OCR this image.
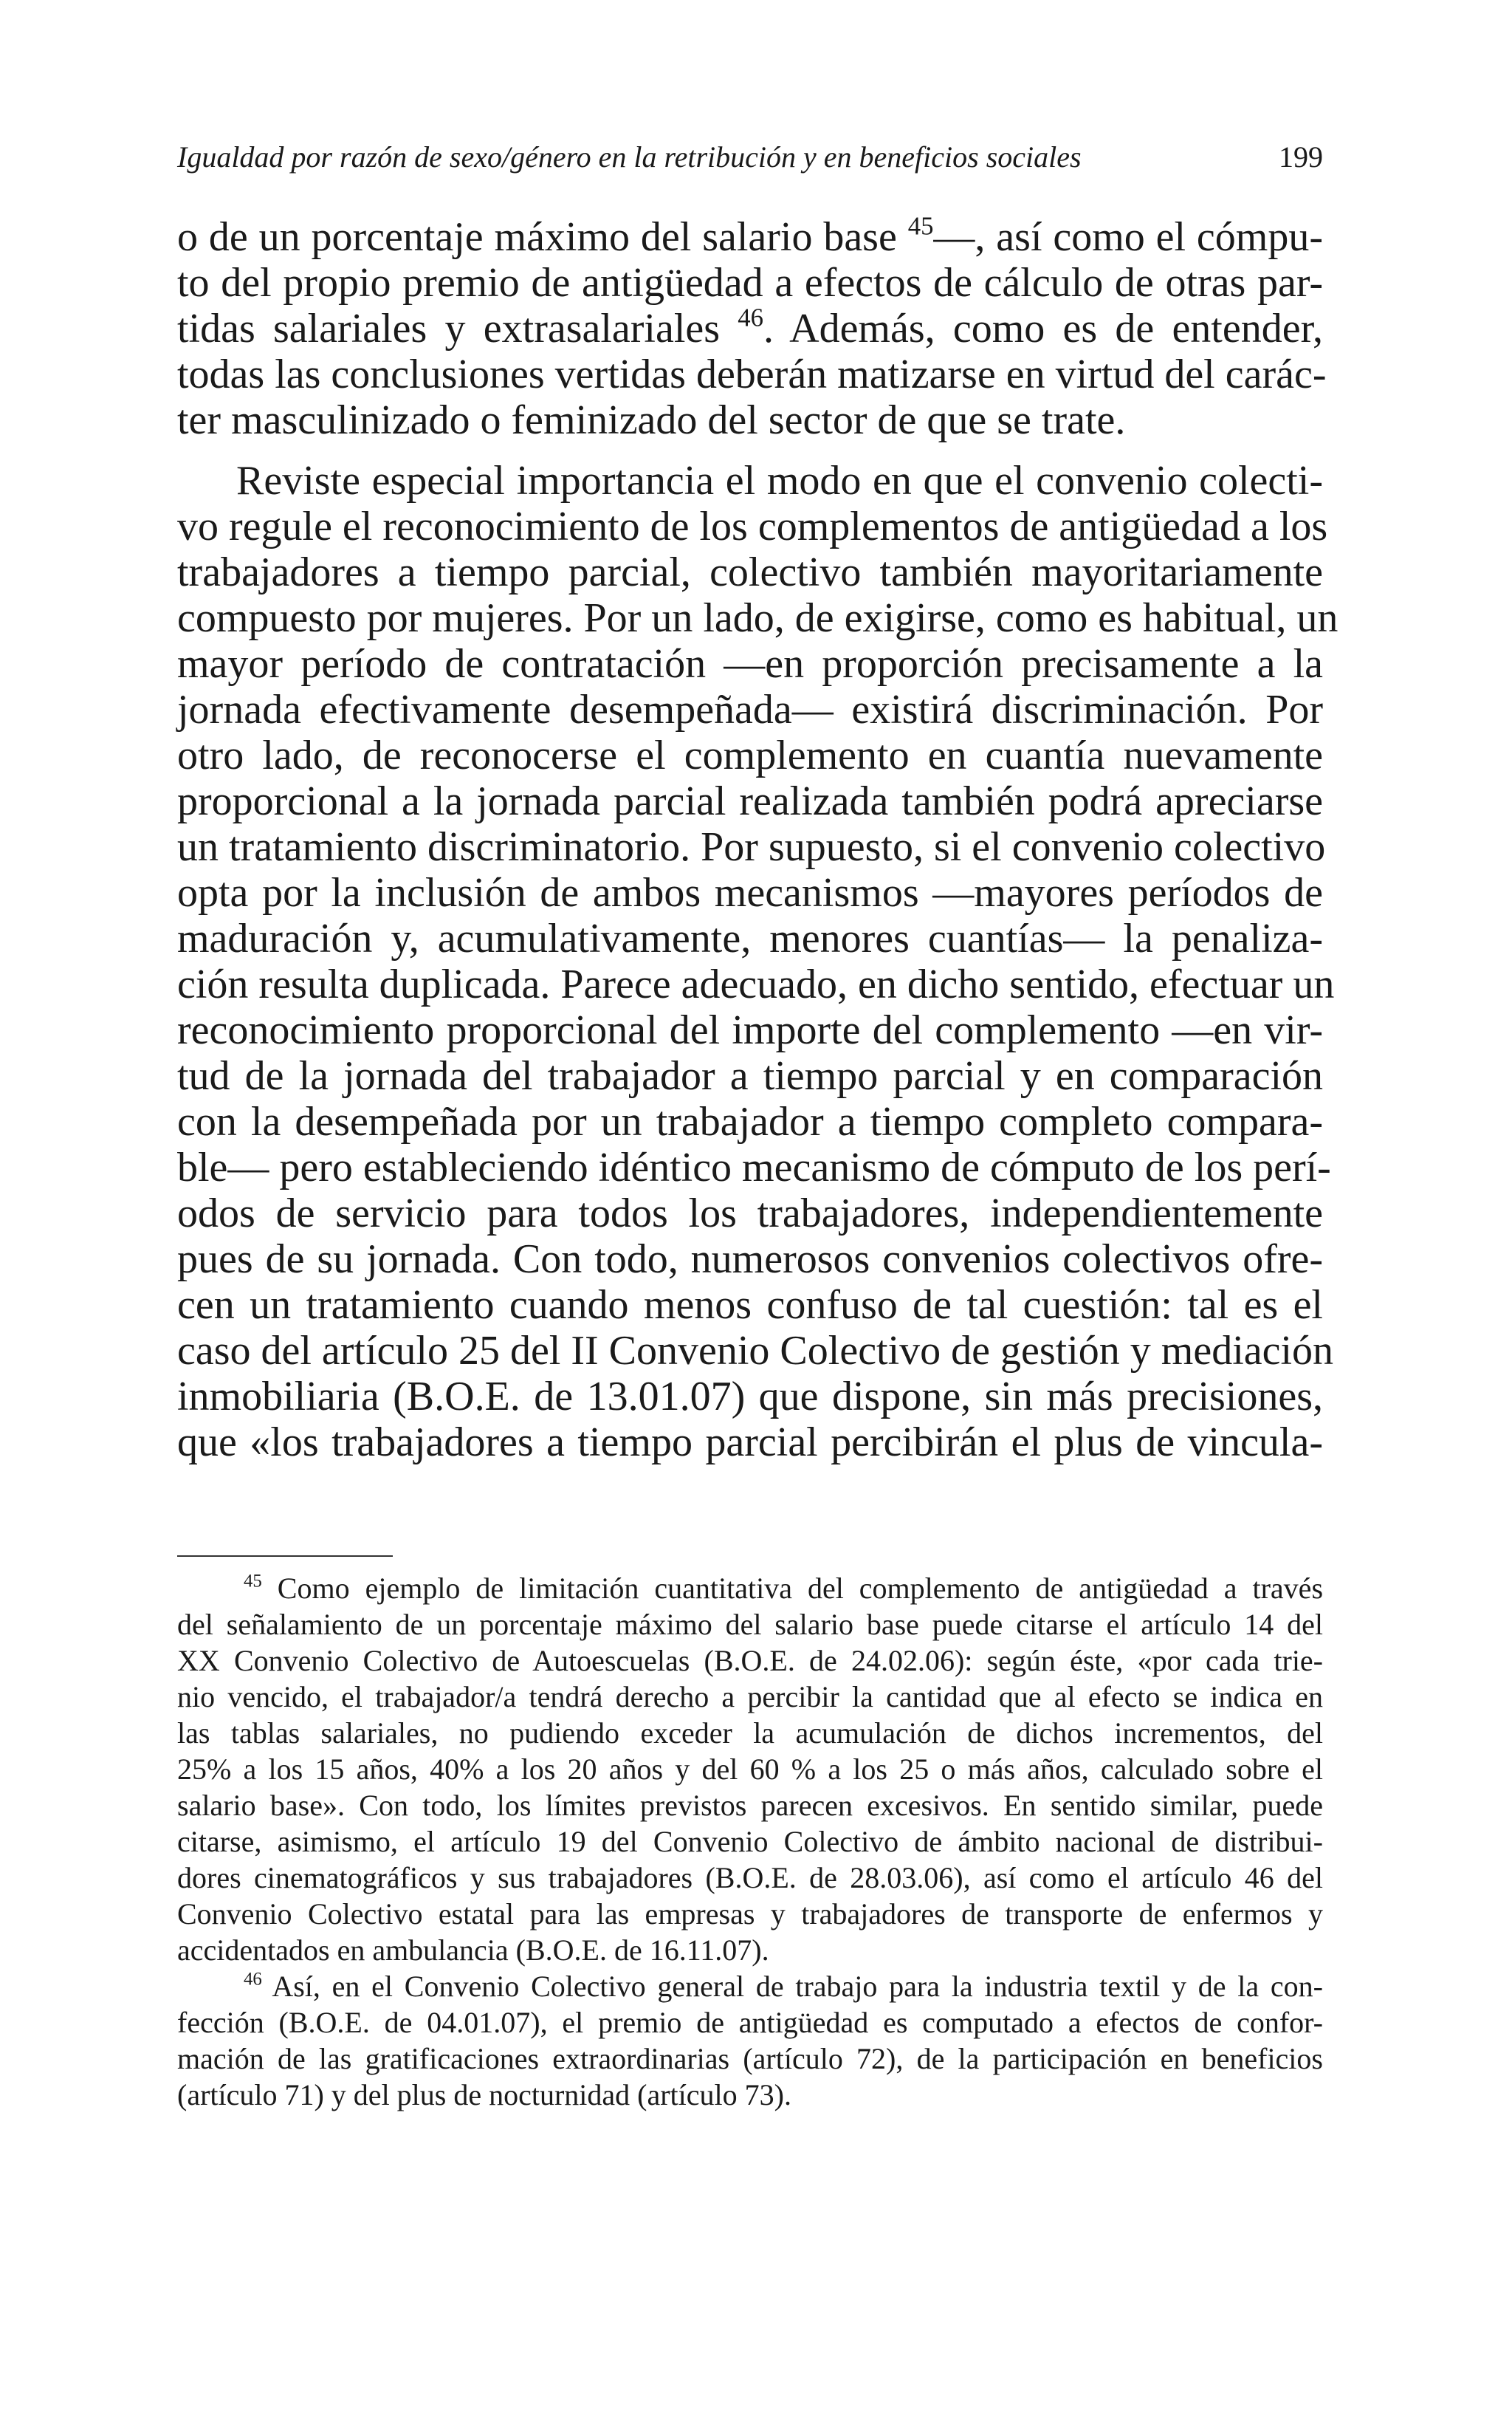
Igualdad por razón de sexo/género en la retribución y en beneficios sociales	199
o de un porcentaje máximo del salario base $^{45}$—, así como el cómpu-
to del propio premio de antigüedad a efectos de cálculo de otras par-
tidas salariales y extrasalariales $^{46}$. Además, como es de entender,
todas las conclusiones vertidas deberán matizarse en virtud del carác-
ter masculinizado o feminizado del sector de que se trate.
Reviste especial importancia el modo en que el convenio colecti-
vo regule el reconocimiento de los complementos de antigüedad a los
trabajadores a tiempo parcial, colectivo también mayoritariamente
compuesto por mujeres. Por un lado, de exigirse, como es habitual, un
mayor período de contratación —en proporción precisamente a la
jornada efectivamente desempeñada— existirá discriminación. Por
otro lado, de reconocerse el complemento en cuantía nuevamente
proporcional a la jornada parcial realizada también podrá apreciarse
un tratamiento discriminatorio. Por supuesto, si el convenio colectivo
opta por la inclusión de ambos mecanismos —mayores períodos de
maduración y, acumulativamente, menores cuantías— la penaliza-
ción resulta duplicada. Parece adecuado, en dicho sentido, efectuar un
reconocimiento proporcional del importe del complemento —en vir-
tud de la jornada del trabajador a tiempo parcial y en comparación
con la desempeñada por un trabajador a tiempo completo compara-
ble— pero estableciendo idéntico mecanismo de cómputo de los perí-
odos de servicio para todos los trabajadores, independientemente
pues de su jornada. Con todo, numerosos convenios colectivos ofre-
cen un tratamiento cuando menos confuso de tal cuestión: tal es el
caso del artículo 25 del II Convenio Colectivo de gestión y mediación
inmobiliaria (B.O.E. de 13.01.07) que dispone, sin más precisiones,
que «los trabajadores a tiempo parcial percibirán el plus de vincula-
$^{45}$ Como ejemplo de limitación cuantitativa del complemento de antigüedad a través
del señalamiento de un porcentaje máximo del salario base puede citarse el artículo 14 del
XX Convenio Colectivo de Autoescuelas (B.O.E. de 24.02.06): según éste, «por cada trie-
nio vencido, el trabajador/a tendrá derecho a percibir la cantidad que al efecto se indica en
las tablas salariales, no pudiendo exceder la acumulación de dichos incrementos, del
25% a los 15 años, 40% a los 20 años y del 60 % a los 25 o más años, calculado sobre el
salario base». Con todo, los límites previstos parecen excesivos. En sentido similar, puede
citarse, asimismo, el artículo 19 del Convenio Colectivo de ámbito nacional de distribui-
dores cinematográficos y sus trabajadores (B.O.E. de 28.03.06), así como el artículo 46 del
Convenio Colectivo estatal para las empresas y trabajadores de transporte de enfermos y
accidentados en ambulancia (B.O.E. de 16.11.07).
$^{46}$ Así, en el Convenio Colectivo general de trabajo para la industria textil y de la con-
fección (B.O.E. de 04.01.07), el premio de antigüedad es computado a efectos de confor-
mación de las gratificaciones extraordinarias (artículo 72), de la participación en beneficios
(artículo 71) y del plus de nocturnidad (artículo 73).
